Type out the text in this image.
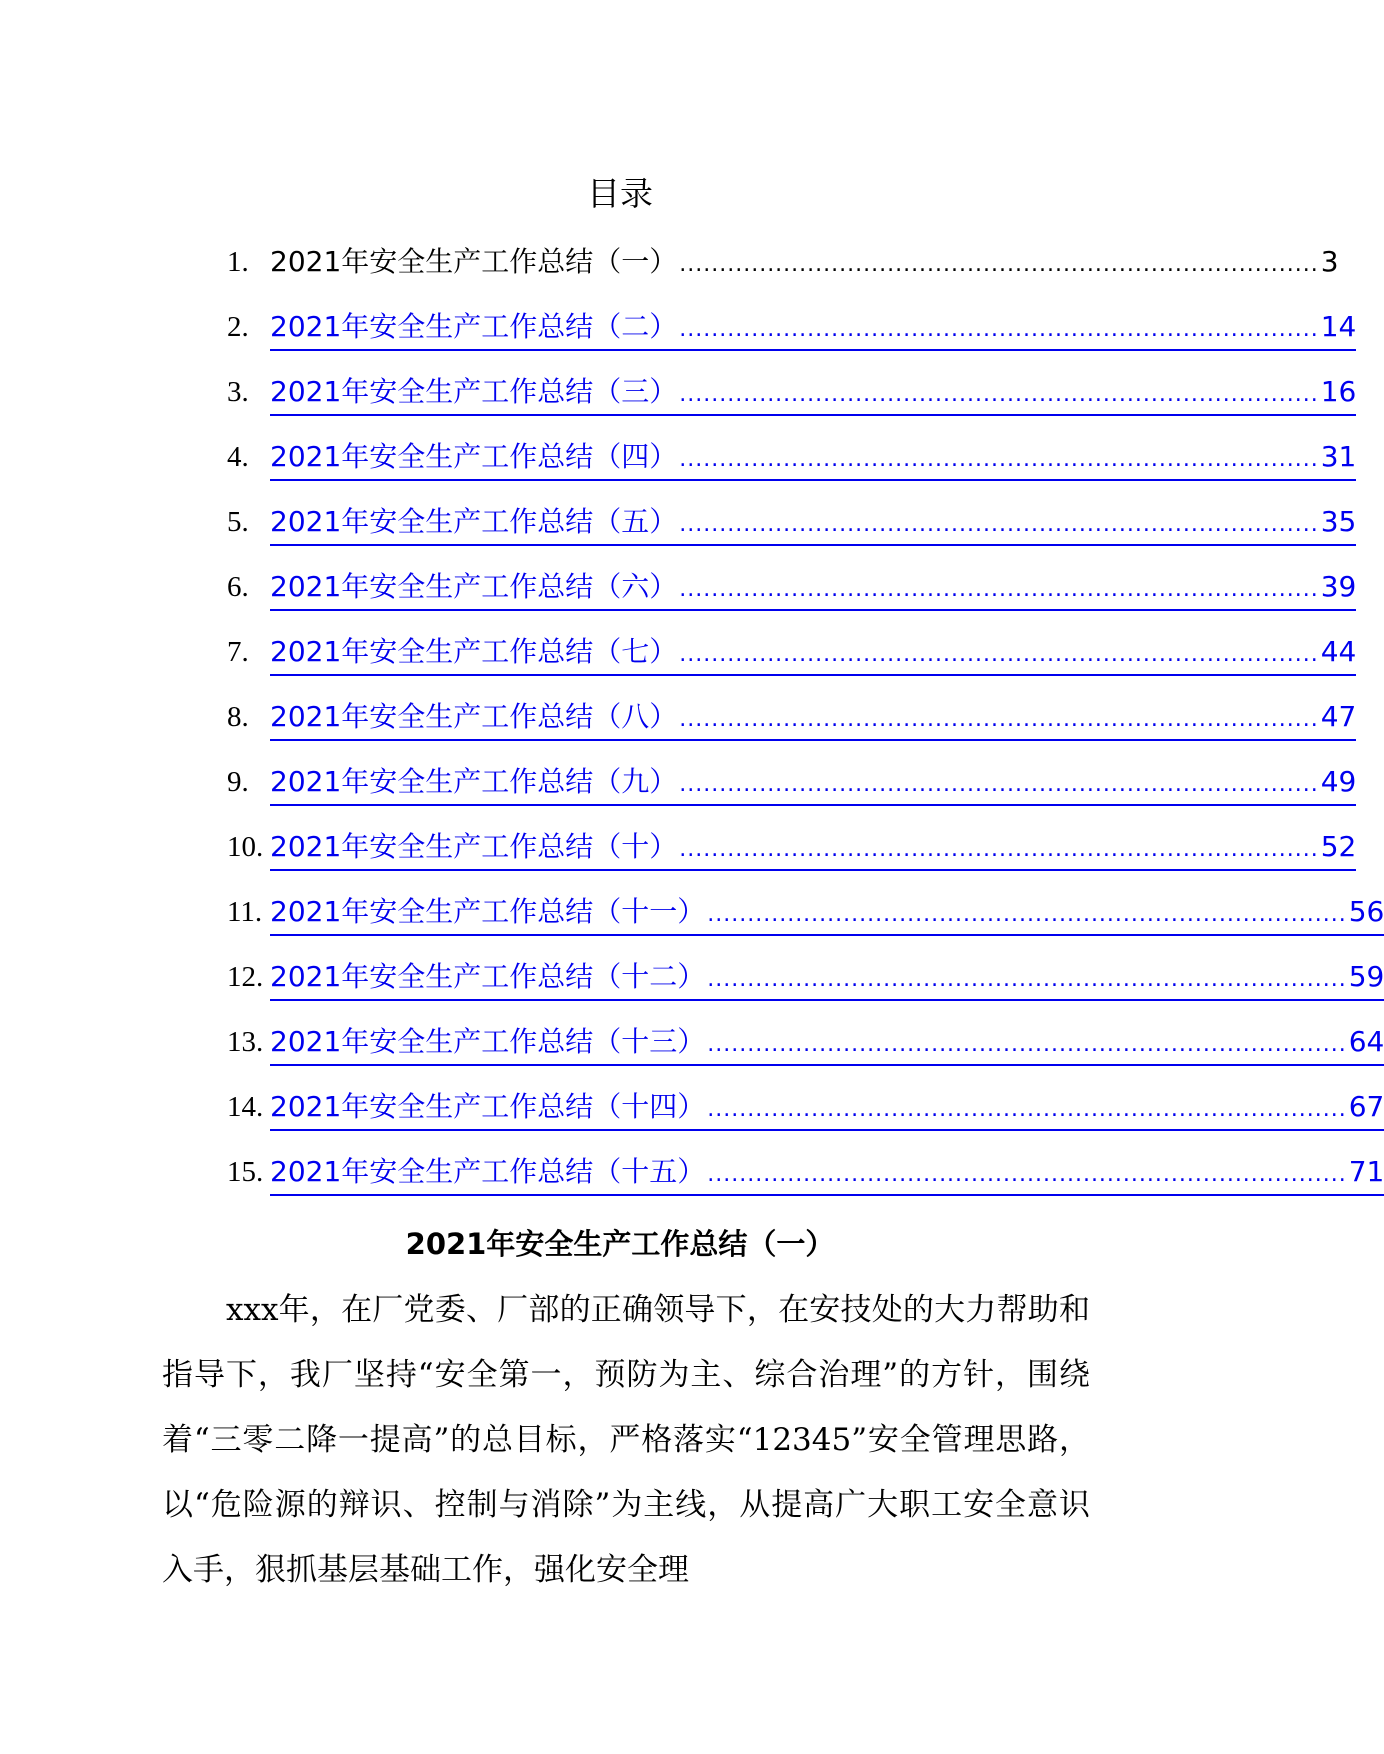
目录
1. 2021年安全生产工作总结（一） ................................................................................ 3
2. 2021年安全生产工作总结（二） ................................................................................ 14
3. 2021年安全生产工作总结（三） ................................................................................ 16
4. 2021年安全生产工作总结（四） ................................................................................ 31
5. 2021年安全生产工作总结（五） ................................................................................ 35
6. 2021年安全生产工作总结（六） ................................................................................ 39
7. 2021年安全生产工作总结（七） ................................................................................ 44
8. 2021年安全生产工作总结（八） ................................................................................ 47
9. 2021年安全生产工作总结（九） ................................................................................ 49
10. 2021年安全生产工作总结（十） ................................................................................ 52
11. 2021年安全生产工作总结（十一） ................................................................................ 56
12. 2021年安全生产工作总结（十二） ................................................................................ 59
13. 2021年安全生产工作总结（十三） ................................................................................ 64
14. 2021年安全生产工作总结（十四） ................................................................................ 67
15. 2021年安全生产工作总结（十五） ................................................................................ 71
2021年安全生产工作总结（一）

xxx年，在厂党委、厂部的正确领导下，在安技处的大力帮助和指导下，我厂坚持“安全第一，预防为主、综合治理”的方针，围绕着“三零二降一提高”的总目标，严格落实“12345”安全管理思路，以“危险源的辩识、控制与消除”为主线，从提高广大职工安全意识入手，狠抓基层基础工作，强化安全理
